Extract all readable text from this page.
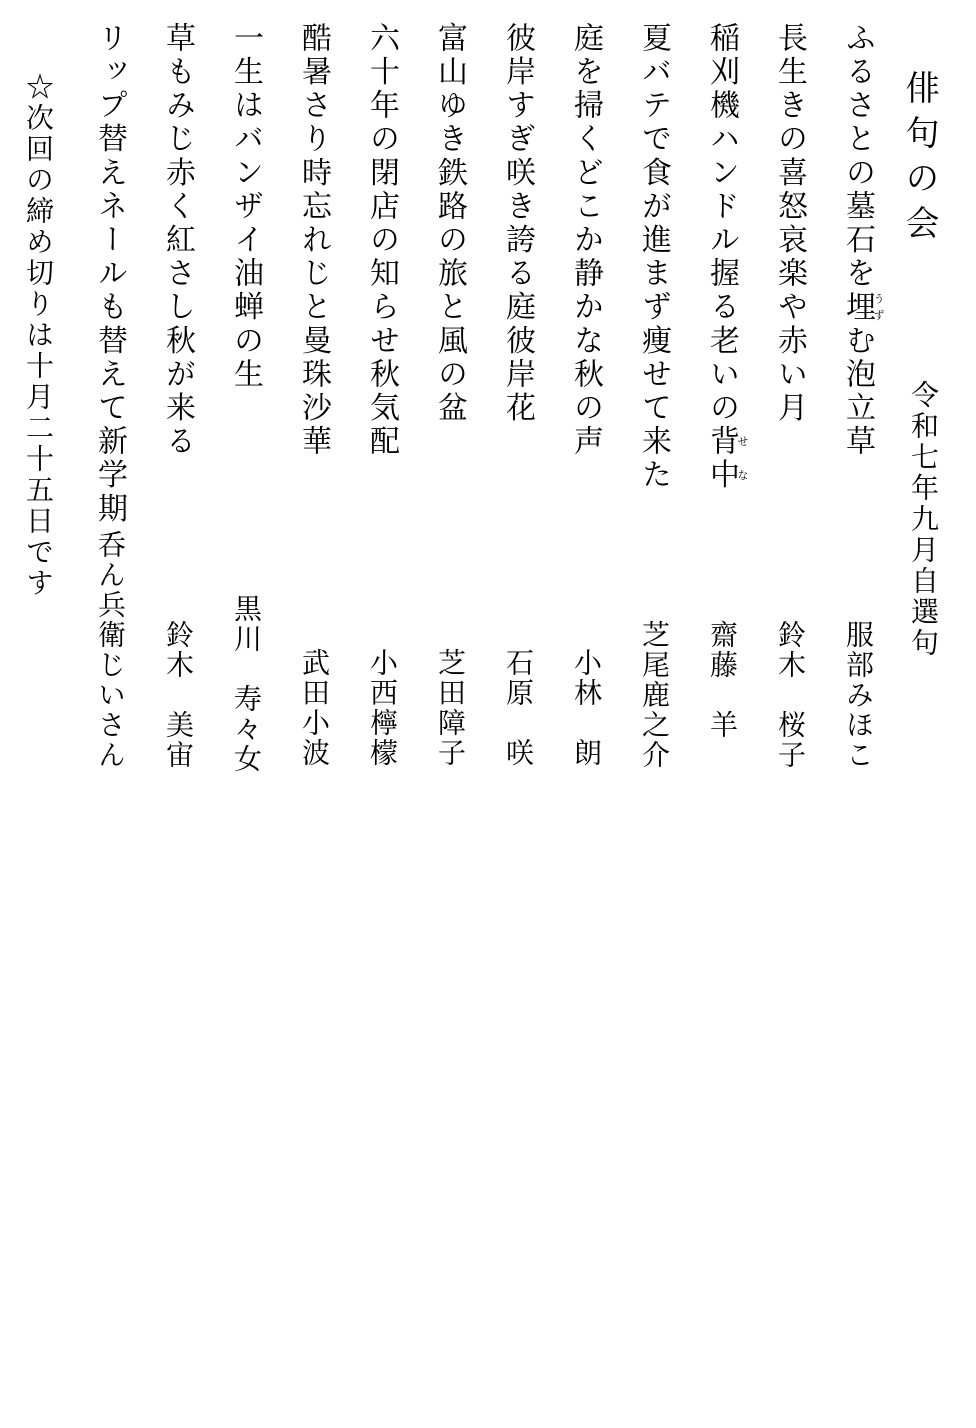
俳句の会
令和七年九月自選句
ふるさとの墓石を埋うずむ泡立草
服部みほこ
長生きの喜怒哀楽や赤い月
鈴木　桜子
稲刈機ハンドル握る老いの背中せな
齋藤　羊
夏バテで食が進まず痩せて来た
芝尾鹿之介
庭を掃くどこか静かな秋の声
小林　朗
彼岸すぎ咲き誇る庭彼岸花
石原　咲
富山ゆき鉄路の旅と風の盆
芝田障子
六十年の閉店の知らせ秋気配
小西檸檬
酷暑さり時忘れじと曼珠沙華
武田小波
一生はバンザイ油蝉の生
黒川　寿々女
草もみじ赤く紅さし秋が来る
鈴木　美宙
リップ替えネールも替えて新学期
呑ん兵衛じいさん
☆次回の締め切りは十月二十五日です
